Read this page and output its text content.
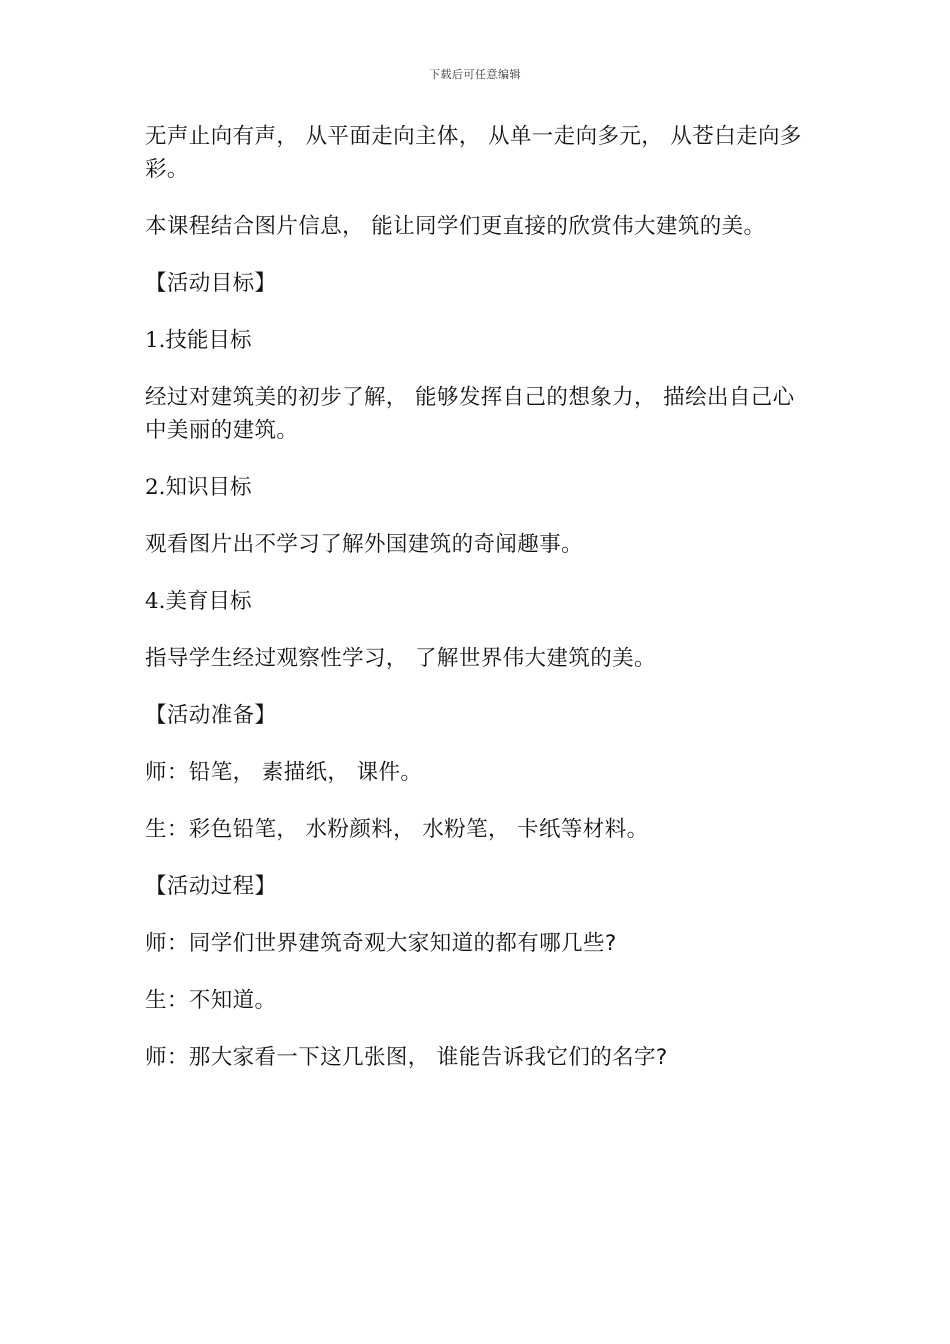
下载后可任意编辑

无声止向有声， 从平面走向主体， 从单一走向多元， 从苍白走向多彩。

本课程结合图片信息， 能让同学们更直接的欣赏伟大建筑的美。

【活动目标】

1.技能目标

经过对建筑美的初步了解， 能够发挥自己的想象力， 描绘出自己心中美丽的建筑。

2.知识目标

观看图片出不学习了解外国建筑的奇闻趣事。

4.美育目标

指导学生经过观察性学习， 了解世界伟大建筑的美。

【活动准备】

师：铅笔， 素描纸， 课件。

生：彩色铅笔， 水粉颜料， 水粉笔， 卡纸等材料。

【活动过程】

师：同学们世界建筑奇观大家知道的都有哪几些?

生：不知道。

师：那大家看一下这几张图， 谁能告诉我它们的名字?
